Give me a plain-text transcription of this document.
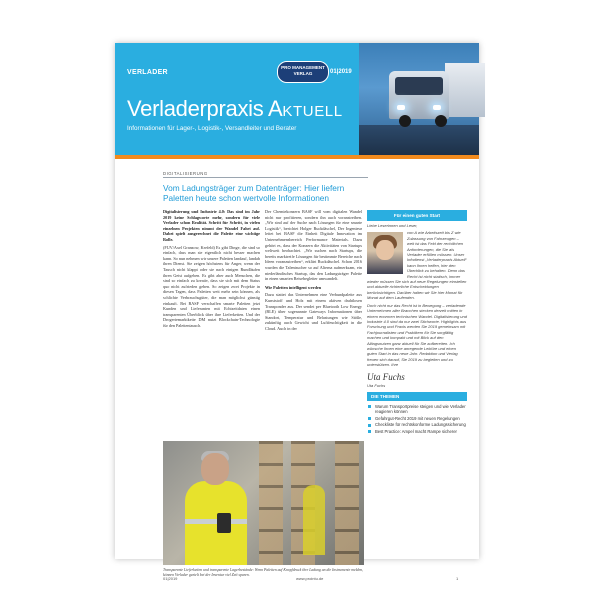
VERLADER
PRO MANAGEMENT
VERLAG	01|2019
Verladerpraxis AKTUELL
Informationen für Lager-, Logistik-, Versandleiter und Berater
DIGITALISIERUNG
Vom Ladungsträger zum Datenträger: Hier liefern Paletten heute schon wertvolle Informationen

Digitalisierung und Industrie 4.0: Das sind im Jahr 2019 keine Schlagworte mehr, sondern für viele Verlader schon Realität. Schritt für Schritt, in vielen einzelnen Projekten nimmt der Wandel Fahrt auf. Dabei spielt ausgerechnet die Palette eine wichtige Rolle.

(FUV/Axel Granzow, Krefeld) Es gibt Dinge, die sind so einfach, dass man sie eigentlich nicht besser machen kann. So nun nehmen wir unsere Paletten landauf, landab ihren Dienst. Sie zeigen höchstens für Anger, wenn der Tausch nicht klappt oder sie nach einigen Rundläufen ihren Geist aufgeben. Es gibt aber auch Menschen, die sind so einfach zu kreativ, dass sie sich mit dem Status quo nicht zufrieden geben. So zeigen zwei Projekte in diesen Tagen, dass Paletten weit mehr sein können, als schlichte Verbrauchsgüter, die man möglichst günstig einkauft. Bei BASF verschaffen smarte Paletten jetzt Kunden und Lieferanten mit Echtzeitdaten einen transparenten Überblick über ihre Lieferketten. Und der Drogeriemarktkette DM nutzt Blockchain-Technologie für den Palettentausch.

Der Chemiekonzern BASF will vom digitalen Wandel nicht nur profitieren, sondern ihn auch voranstreiben. „Wir sind auf der Suche nach Lösungen für eine smarte Logistik“, berichtet Holger Ruckdäschel, Der Ingenieur leitet bei BASF die Einheit Digitale Innovation im Unternehmensbereich Performance Materials. Dazu gehört es, dass der Konzern die Aktivitäten von Startups weltweit beobachtet. „Wir suchen nach Startups, die bereits marktreife Lösungen für bestimmte Bereiche nach Ideen voranzutreiben“, erklärt Ruckdäschel. Schon 2016 wurden die Talentsucher so auf Alterna aufmerksam, ein niederländisches Startup, das den Ladungsträger Palette in einen smarten Reisebegleiter umwandelt.

Wie Paletten intelligent werden

Dazu stattet das Unternehmen eine Verbundpalette aus Kunststoff und Holz mit einem aktiven drahtlosen Transponder aus. Der sendet per Bluetooth Low Energy (BLE) über sogenannte Gateways Informationen über Standort, Temperatur und Belastungen wie Stöße, zukünftig auch Gewicht und Luftfeuchtigkeit in die Cloud. Auch in der

Transparente Lieferketten und transparente Lagerbestände: Wenn Paletten auf Knopfdruck ihre Ladung an die Instrumente melden, können Verlader gezielt bei der Inventur viel Zeit sparen.
Für einen guten Start

Liebe Leserinnen und Leser,

von A wie Arbeitszeit bis Z wie Zulassung von Fahrzeugen – weit ist das Feld der rechtlichen Anforderungen, die Sie als Verlader erfüllen müssen. Unser Infodienst „Verladerpraxis Aktuell“ kann Ihnen helfen, hier den Überblick zu behalten. Denn das Recht ist nicht statisch, immer wieder müssen Sie sich auf neue Regelungen einstellen und aktuelle richterliche Entscheidungen berücksichtigen. Darüber halten wir Sie hier Monat für Monat auf dem Laufenden.

Doch nicht nur das Recht ist in Bewegung – verladende Unternehmen aller Branchen stecken derzeit mitten in einem enormen technischen Wandel. Digitalisierung und Industrie 4.0 sind da nur zwei Stichworte. Highlights aus Forschung und Praxis werden Sie 2019 gemeinsam mit Fachjournalisten und Praktikern für Sie sorgfältig machen und kompakt und mit Blick auf den Alltagsnutzen ganz aktuell für Sie aufbereiten. Ich wünsche Ihnen eine anregende Lektüre und einen guten Start in das neue Jahr. Redaktion und Verlag freuen sich darauf, Sie 2019 zu begleiten und zu unterstützen. Ihre

Uta Fuchs
Uta Fuchs
DIE THEMEN
Warum Transportpreise steigen und wie Verlader reagieren können
Gefahrgut-Recht 2019 mit neuen Regelungen
Checkliste für rechtskonforme Ladungssicherung
Best Practice: Ampel macht Rampe sicherer
01|2019	www.prointu.de	1
